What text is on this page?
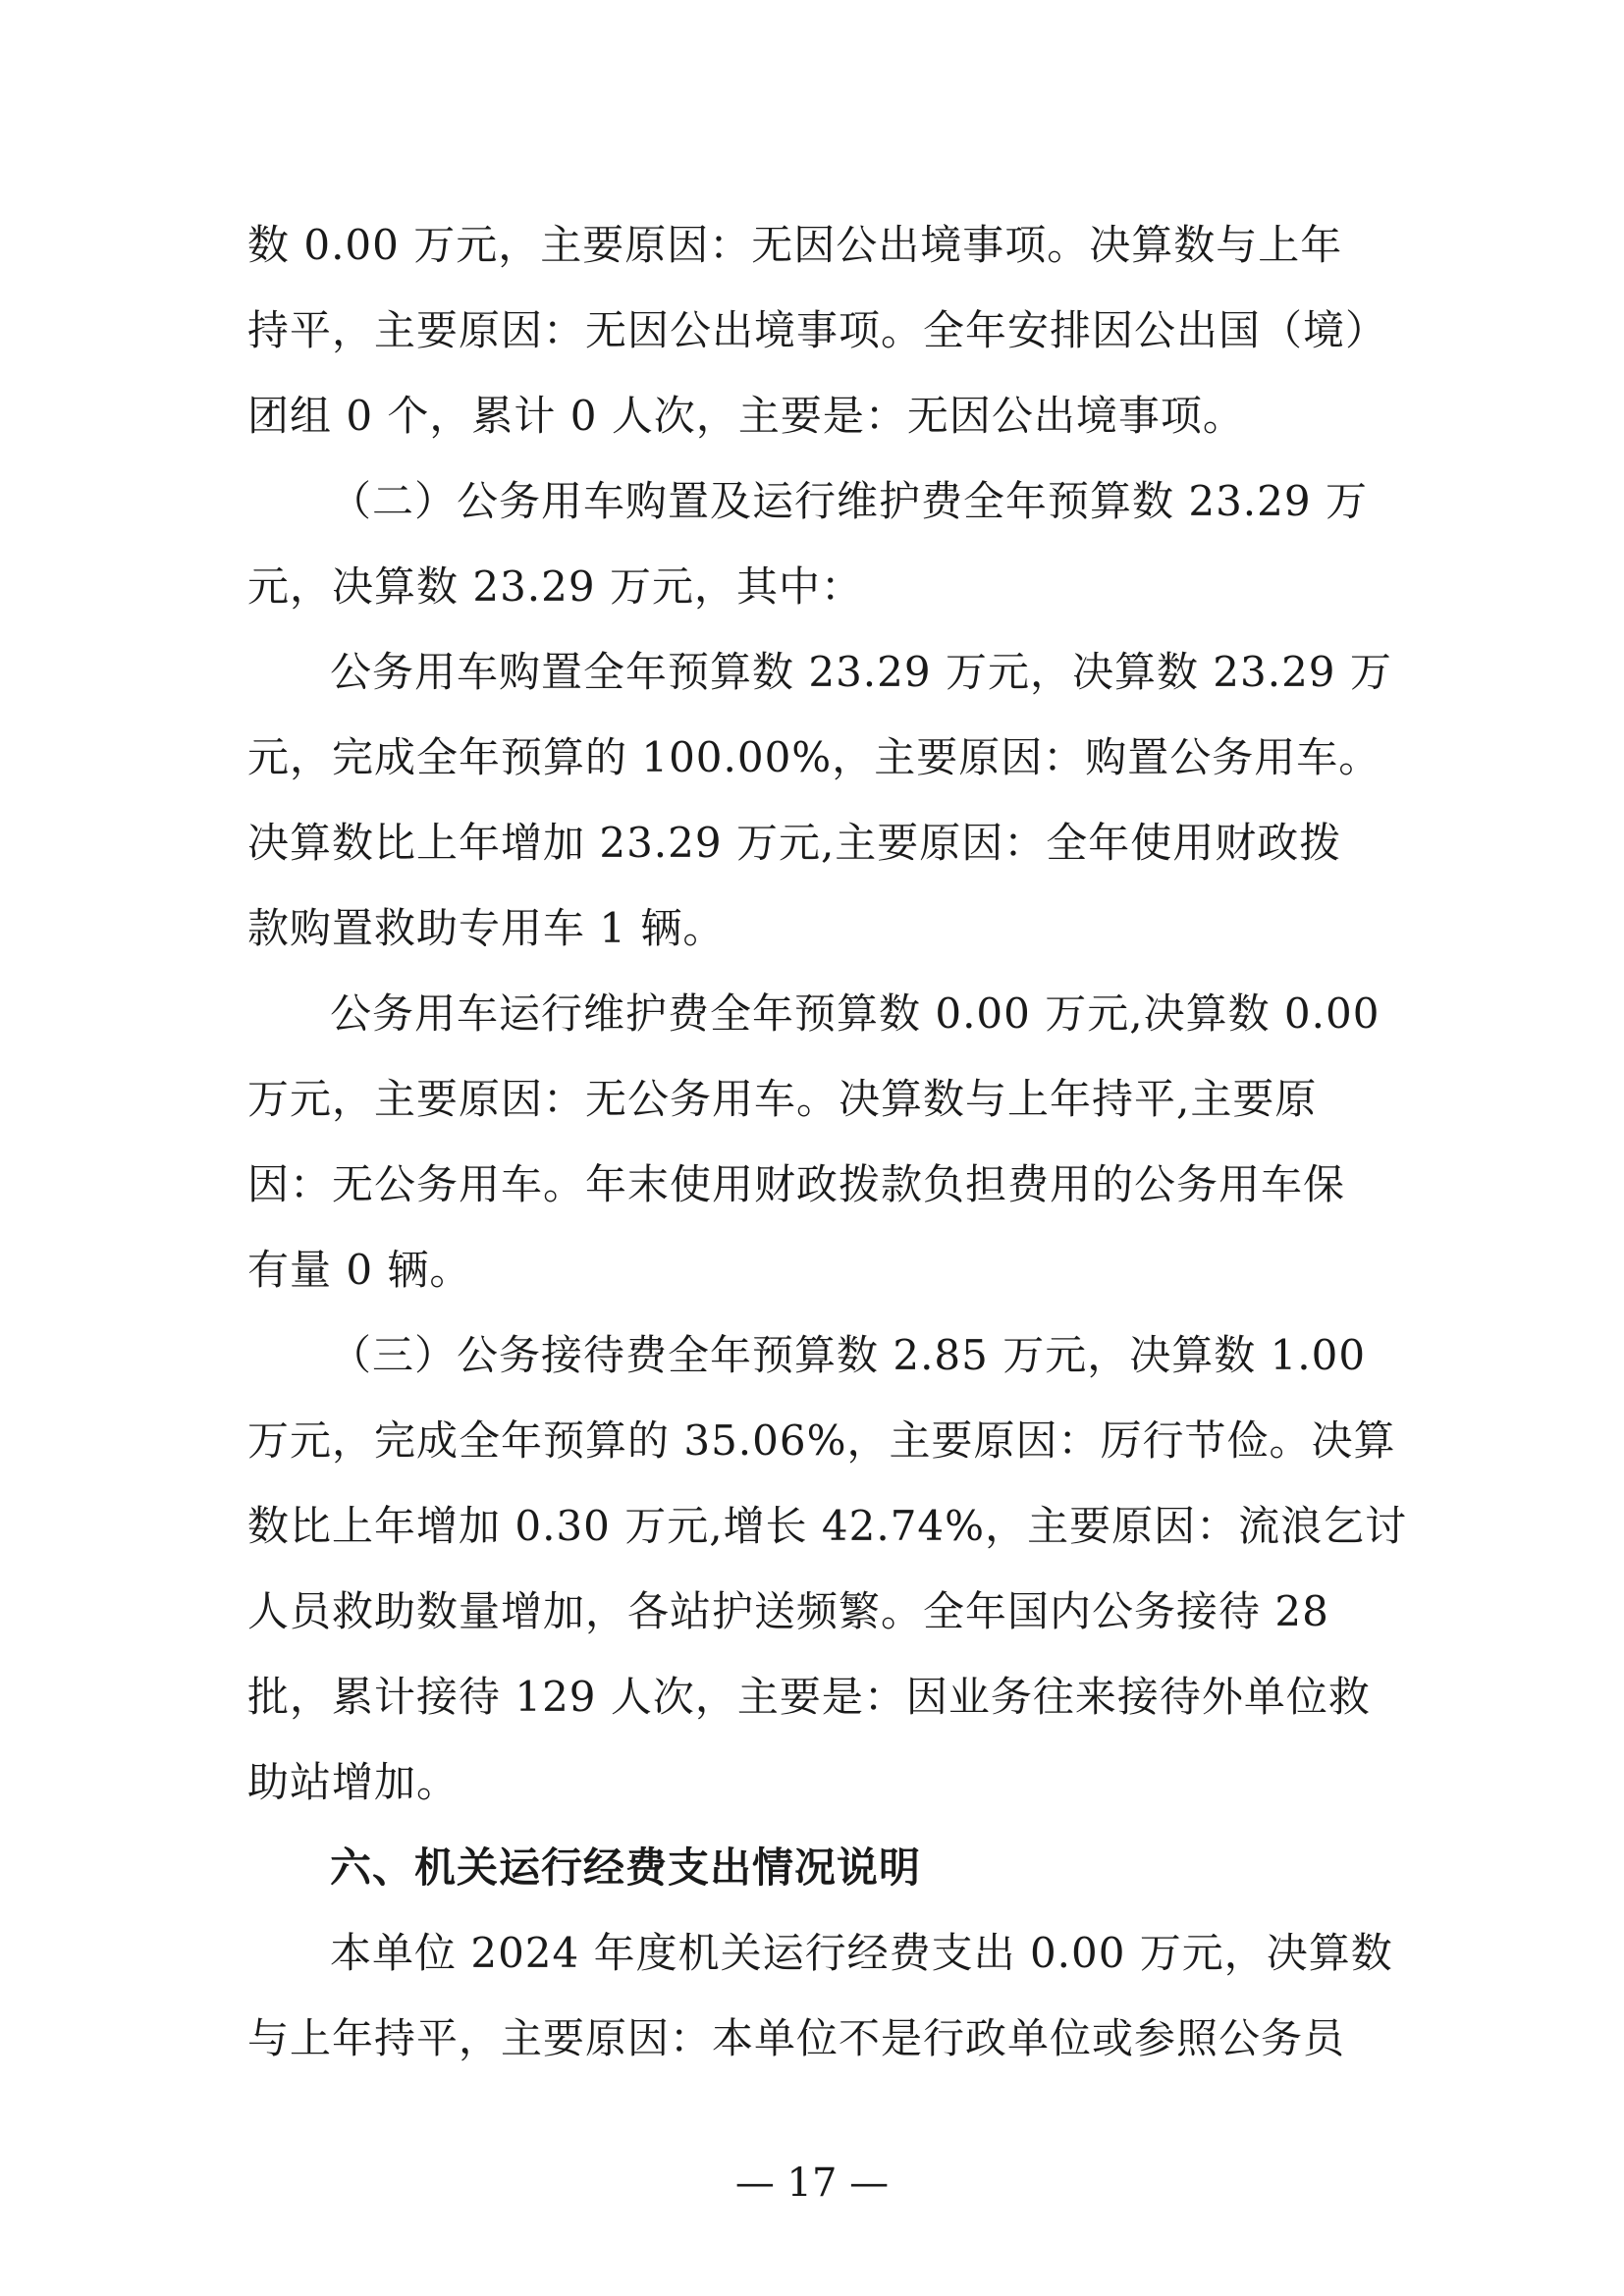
数 0.00 万元，主要原因：无因公出境事项。决算数与上年
持平，主要原因：无因公出境事项。全年安排因公出国（境）
团组 0 个，累计 0 人次，主要是：无因公出境事项。
（二）公务用车购置及运行维护费全年预算数 23.29 万
元，决算数 23.29 万元，其中：
公务用车购置全年预算数 23.29 万元，决算数 23.29 万
元，完成全年预算的 100.00%，主要原因：购置公务用车。
决算数比上年增加 23.29 万元,主要原因：全年使用财政拨
款购置救助专用车 1 辆。
公务用车运行维护费全年预算数 0.00 万元,决算数 0.00
万元，主要原因：无公务用车。决算数与上年持平,主要原
因：无公务用车。年末使用财政拨款负担费用的公务用车保
有量 0 辆。
（三）公务接待费全年预算数 2.85 万元，决算数 1.00
万元，完成全年预算的 35.06%，主要原因：厉行节俭。决算
数比上年增加 0.30 万元,增长 42.74%，主要原因：流浪乞讨
人员救助数量增加，各站护送频繁。全年国内公务接待 28
批，累计接待 129 人次，主要是：因业务往来接待外单位救
助站增加。
六、机关运行经费支出情况说明
本单位 2024 年度机关运行经费支出 0.00 万元，决算数
与上年持平，主要原因：本单位不是行政单位或参照公务员
— 17 —
